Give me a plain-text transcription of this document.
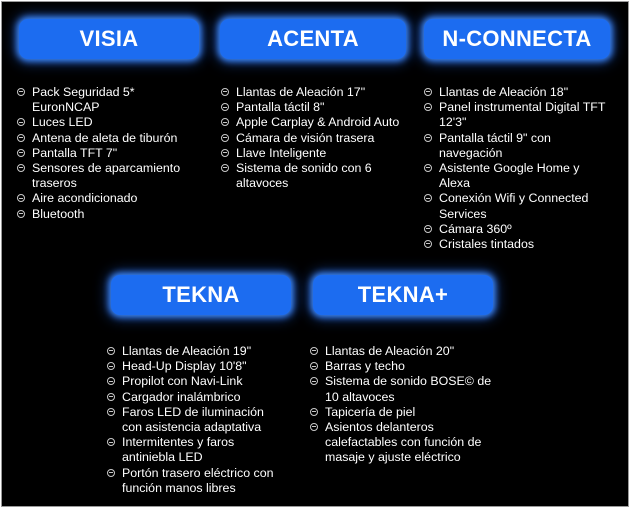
VISIA	ACENTA	N-CONNECTA
TEKNA	TEKNA+
Pack Seguridad 5* EuronNCAP
Luces LED
Antena de aleta de tiburón
Pantalla TFT 7"
Sensores de aparcamiento traseros
Aire acondicionado
Bluetooth
Llantas de Aleación 17"
Pantalla táctil 8"
Apple Carplay & Android Auto
Cámara de visión trasera
Llave Inteligente
Sistema de sonido con 6 altavoces
Llantas de Aleación 18"
Panel instrumental Digital TFT 12'3"
Pantalla táctil 9" con navegación
Asistente Google Home y Alexa
Conexión Wifi y Connected Services
Cámara 360º
Cristales tintados
Llantas de Aleación 19"
Head-Up Display 10'8"
Propilot con Navi-Link
Cargador inalámbrico
Faros LED de iluminación con asistencia adaptativa
Intermitentes y faros antiniebla LED
Portón trasero eléctrico con función manos libres
Llantas de Aleación 20"
Barras y techo
Sistema de sonido BOSE© de 10 altavoces
Tapicería de piel
Asientos delanteros calefactables con función de masaje y ajuste eléctrico
